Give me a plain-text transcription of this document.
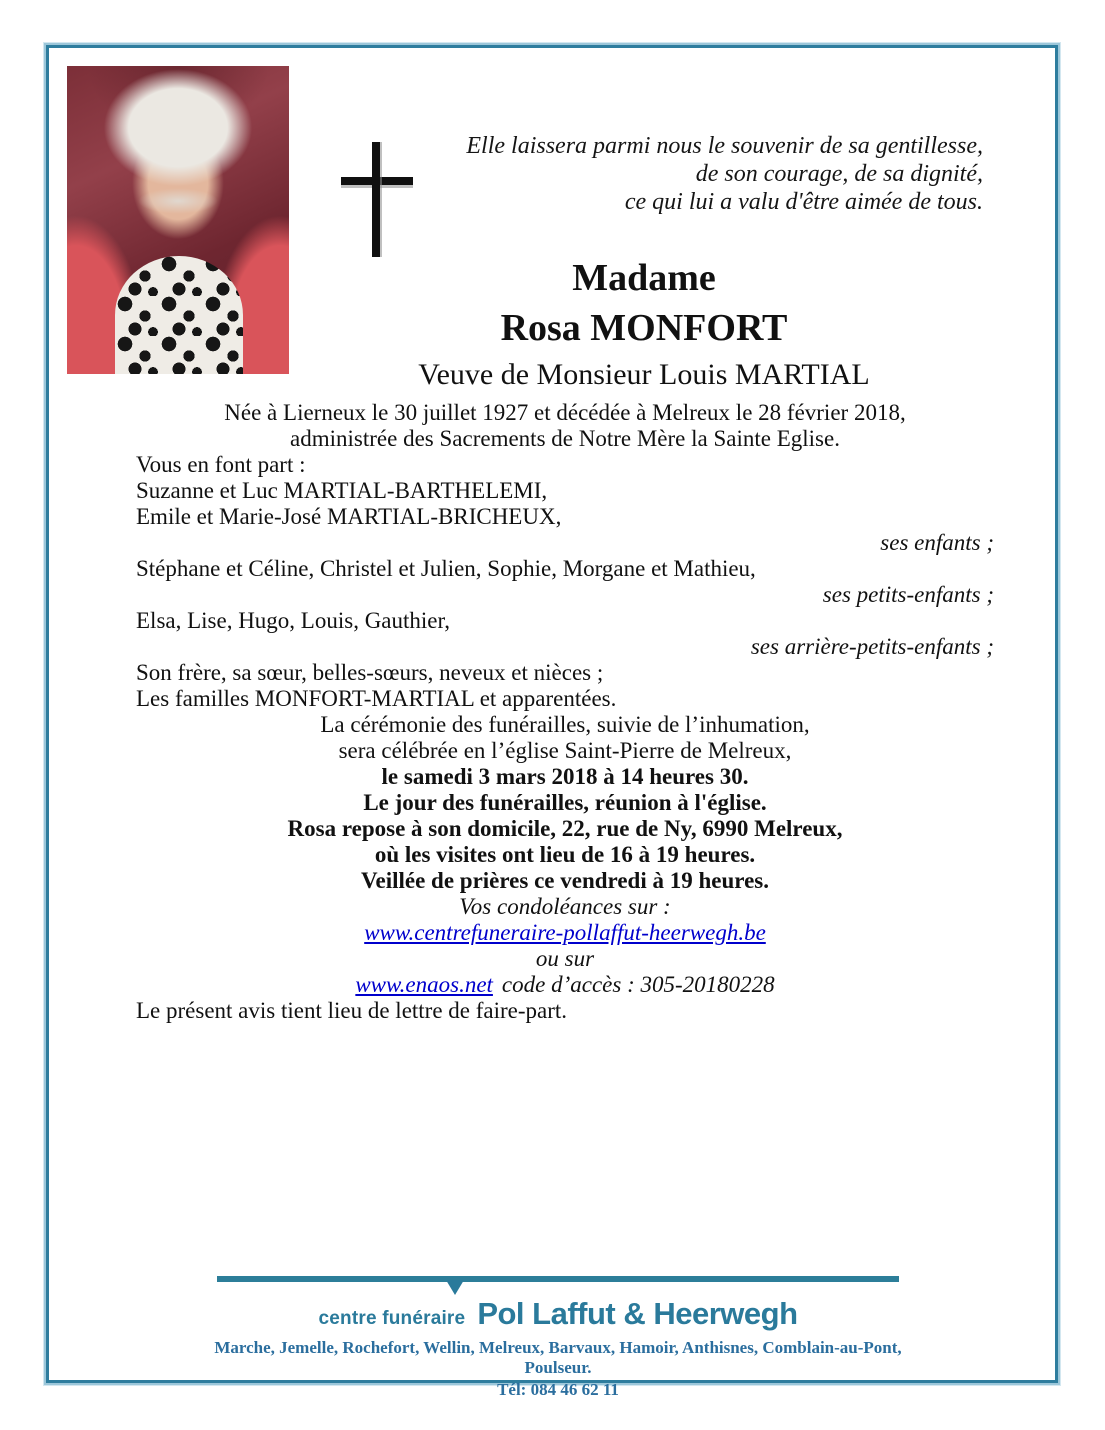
Elle laissera parmi nous le souvenir de sa gentillesse,
de son courage, de sa dignité,
ce qui lui a valu d'être aimée de tous.
Madame
Rosa MONFORT
Veuve de Monsieur Louis MARTIAL

Née à Lierneux le 30 juillet 1927 et décédée à Melreux le 28 février 2018,

administrée des Sacrements de Notre Mère la Sainte Eglise.

Vous en font part :

Suzanne et Luc MARTIAL-BARTHELEMI,

Emile et Marie-José MARTIAL-BRICHEUX,

ses enfants ;

Stéphane et Céline, Christel et Julien, Sophie, Morgane et Mathieu,

ses petits-enfants ;

Elsa, Lise, Hugo, Louis, Gauthier,

ses arrière-petits-enfants ;

Son frère, sa sœur, belles-sœurs, neveux et nièces ;

Les familles MONFORT-MARTIAL et apparentées.

La cérémonie des funérailles, suivie de l’inhumation,

sera célébrée en l’église Saint-Pierre de Melreux,

le samedi 3 mars 2018 à 14 heures 30.

Le jour des funérailles, réunion à l'église.

Rosa repose à son domicile, 22, rue de Ny, 6990 Melreux,

où les visites ont lieu de 16 à 19 heures.

Veillée de prières ce vendredi à 19 heures.

Vos condoléances sur :

www.centrefuneraire-pollaffut-heerwegh.be

ou sur

www.enaos.net code d’accès : 305-20180228

Le présent avis tient lieu de lettre de faire-part.

centre funéraire Pol Laffut & Heerwegh
Marche, Jemelle, Rochefort, Wellin, Melreux, Barvaux, Hamoir, Anthisnes, Comblain-au-Pont, Poulseur.
Tél: 084 46 62 11
